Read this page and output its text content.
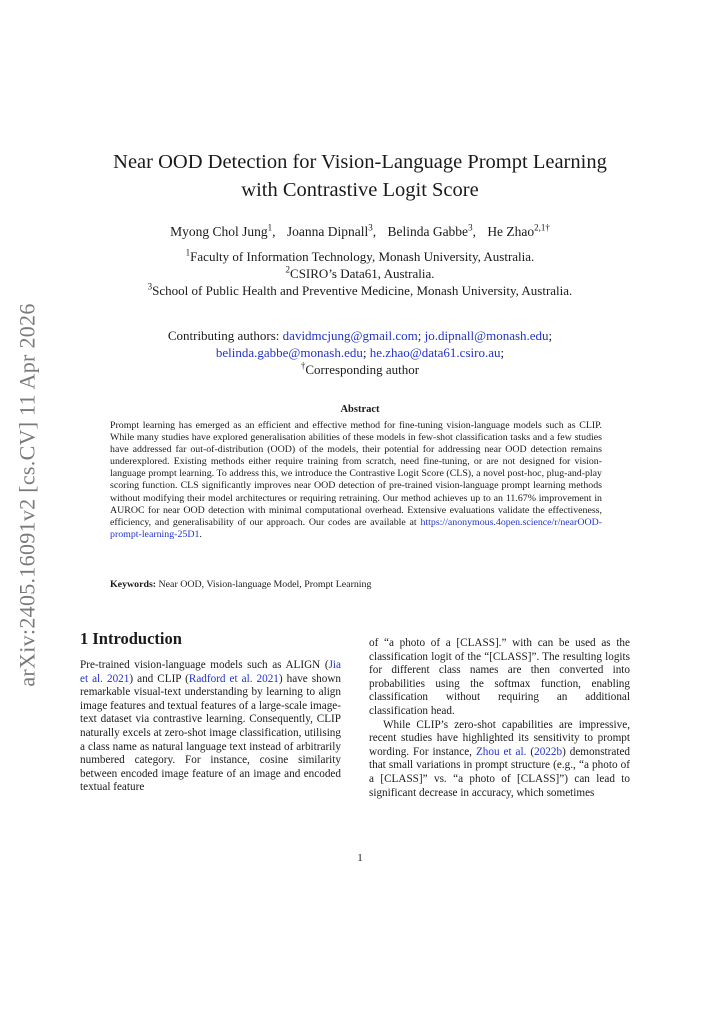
arXiv:2405.16091v2 [cs.CV] 11 Apr 2026
Near OOD Detection for Vision-Language Prompt Learning
with Contrastive Logit Score
Myong Chol Jung$^1$, Joanna Dipnall$^3$, Belinda Gabbe$^3$, He Zhao$^{2,1\dagger}$
$^1$Faculty of Information Technology, Monash University, Australia.
$^2$CSIRO’s Data61, Australia.
$^3$School of Public Health and Preventive Medicine, Monash University, Australia.
Contributing authors: davidmcjung@gmail.com; jo.dipnall@monash.edu;
belinda.gabbe@monash.edu; he.zhao@data61.csiro.au;
†Corresponding author
Abstract
Prompt learning has emerged as an efficient and effective method for fine-tuning vision-language models such as CLIP. While many studies have explored generalisation abilities of these models in few-shot classification tasks and a few studies have addressed far out-of-distribution (OOD) of the models, their potential for addressing near OOD detection remains underexplored. Existing methods either require training from scratch, need fine-tuning, or are not designed for vision-language prompt learning. To address this, we introduce the Contrastive Logit Score (CLS), a novel post-hoc, plug-and-play scoring function. CLS significantly improves near OOD detection of pre-trained vision-language prompt learning methods without modifying their model architectures or requiring retraining. Our method achieves up to an 11.67% improvement in AUROC for near OOD detection with minimal computational overhead. Extensive evaluations validate the effectiveness, efficiency, and generalisability of our approach. Our codes are available at https://anonymous.4open.science/r/nearOOD-prompt-learning-25D1.
Keywords: Near OOD, Vision-language Model, Prompt Learning
1 Introduction

Pre-trained vision-language models such as ALIGN (Jia et al. 2021) and CLIP (Radford et al. 2021) have shown remarkable visual-text understanding by learning to align image features and textual features of a large-scale image-text dataset via contrastive learning. Consequently, CLIP naturally excels at zero-shot image classification, utilising a class name as natural language text instead of arbitrarily numbered category. For instance, cosine similarity between encoded image feature of an image and encoded textual feature

of “a photo of a [CLASS].” with can be used as the classification logit of the “[CLASS]”. The resulting logits for different class names are then converted into probabilities using the softmax function, enabling classification without requiring an additional classification head.

While CLIP’s zero-shot capabilities are impressive, recent studies have highlighted its sensitivity to prompt wording. For instance, Zhou et al. (2022b) demonstrated that small variations in prompt structure (e.g., “a photo of a [CLASS]” vs. “a photo of [CLASS]”) can lead to significant decrease in accuracy, which sometimes

1
